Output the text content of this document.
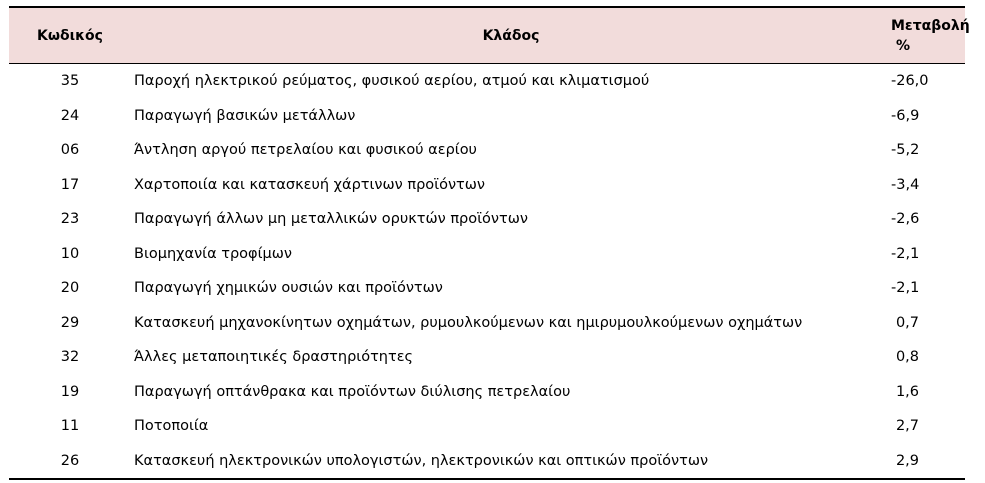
Κωδικός	Κλάδος	Μεταβολή
%

35	Παροχή ηλεκτρικού ρεύματος, φυσικού αερίου, ατμού και κλιματισμού	-26,0
24	Παραγωγή βασικών μετάλλων	-6,9
06	Άντληση αργού πετρελαίου και φυσικού αερίου	-5,2
17	Χαρτοποιία και κατασκευή χάρτινων προϊόντων	-3,4
23	Παραγωγή άλλων μη μεταλλικών ορυκτών προϊόντων	-2,6
10	Βιομηχανία τροφίμων	-2,1
20	Παραγωγή χημικών ουσιών και προϊόντων	-2,1
29	Κατασκευή μηχανοκίνητων οχημάτων, ρυμουλκούμενων και ημιρυμουλκούμενων οχημάτων	0,7
32	Άλλες μεταποιητικές δραστηριότητες	0,8
19	Παραγωγή οπτάνθρακα και προϊόντων διύλισης πετρελαίου	1,6
11	Ποτοποιία	2,7
26	Κατασκευή ηλεκτρονικών υπολογιστών, ηλεκτρονικών και οπτικών προϊόντων	2,9
